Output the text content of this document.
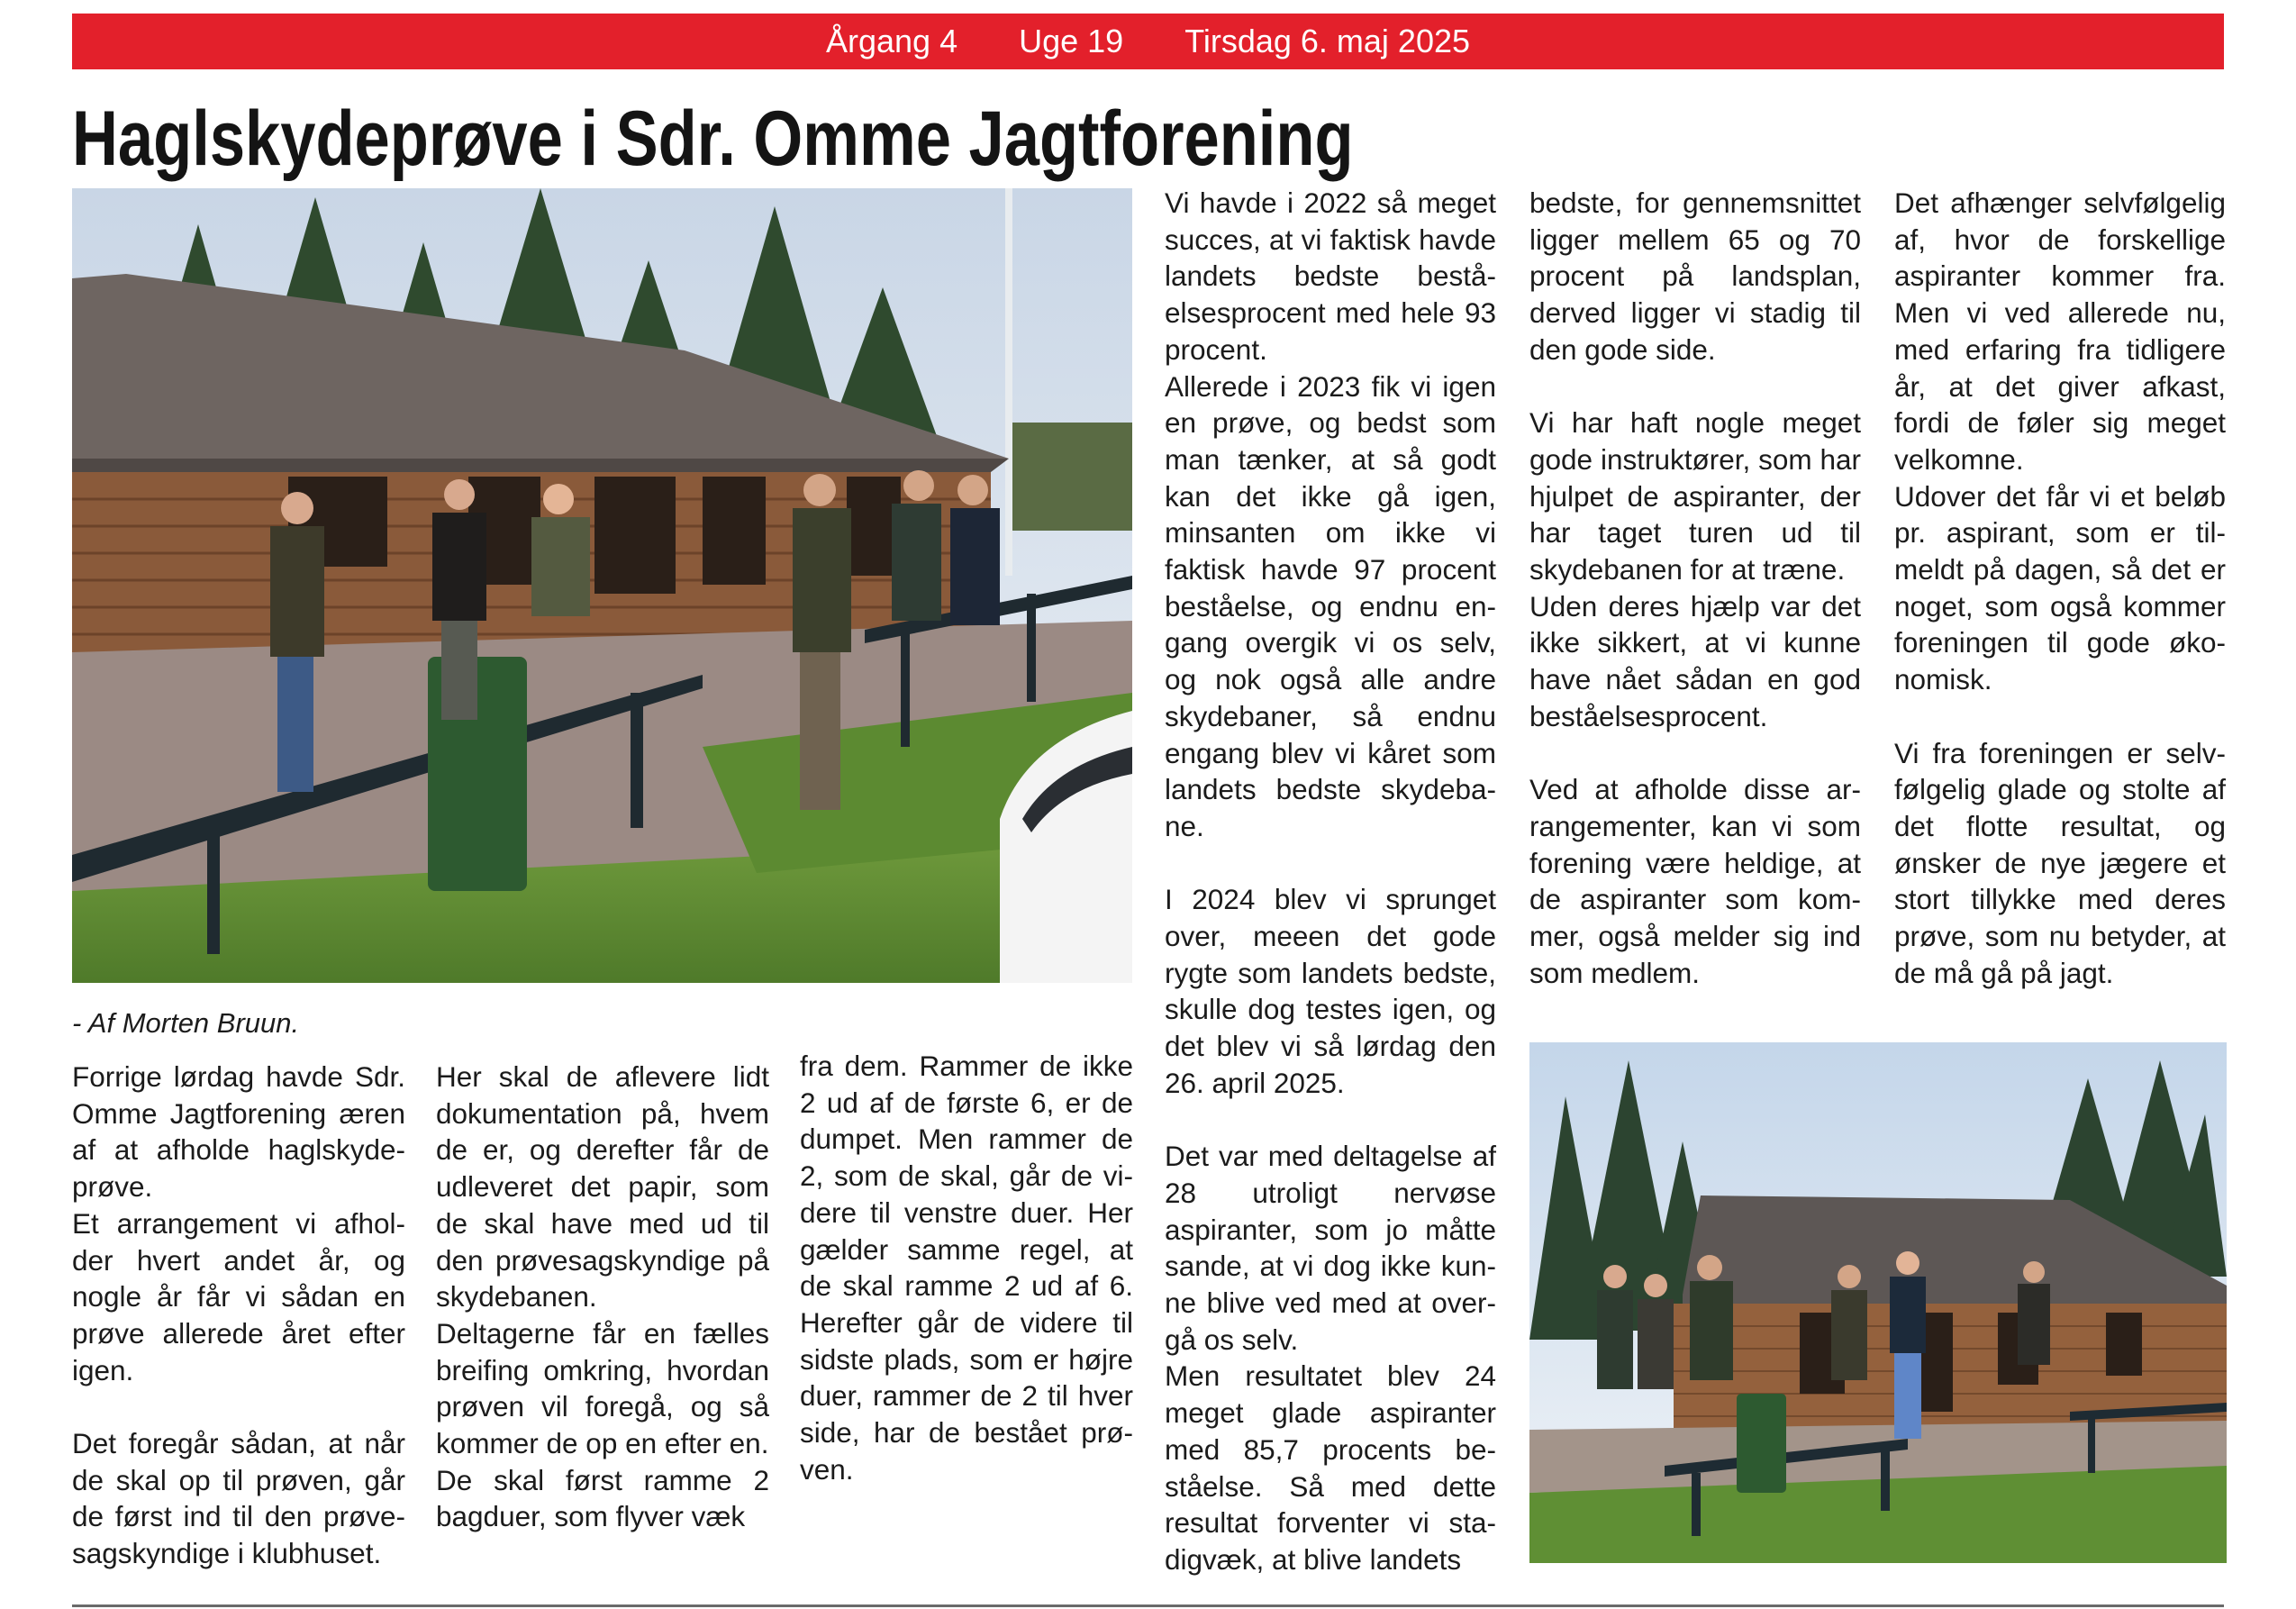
Årgang 4 Uge 19 Tirsdag 6. maj 2025
Haglskydeprøve i Sdr. Omme Jagtforening
- Af Morten Bruun.

Forrige lørdag havde Sdr. Omme Jagtforening æren af at afholde haglskydeprøve.

Et arrangement vi afholder hvert andet år, og nogle år får vi sådan en prøve allerede året efter igen.

Det foregår sådan, at når de skal op til prøven, går de først ind til den prøvesagskyndige i klubhuset.

Her skal de aflevere lidt dokumentation på, hvem de er, og derefter får de udleveret det papir, som de skal have med ud til den prøvesagskyndige på skydebanen.

Deltagerne får en fælles breifing omkring, hvordan prøven vil foregå, og så kommer de op en efter en.

De skal først ramme 2 bagduer, som flyver væk

fra dem. Rammer de ikke 2 ud af de første 6, er de dumpet. Men rammer de 2, som de skal, går de videre til venstre duer. Her gælder samme regel, at de skal ramme 2 ud af 6. Herefter går de videre til sidste plads, som er højre duer, rammer de 2 til hver side, har de bestået prøven.

Vi havde i 2022 så meget succes, at vi faktisk havde landets bedste beståelsesprocent med hele 93 procent.

Allerede i 2023 fik vi igen en prøve, og bedst som man tænker, at så godt kan det ikke gå igen, minsanten om ikke vi faktisk havde 97 procent beståelse, og endnu engang overgik vi os selv, og nok også alle andre skydebaner, så endnu engang blev vi kåret som landets bedste skydebane.

I 2024 blev vi sprunget over, meeen det gode rygte som landets bedste, skulle dog testes igen, og det blev vi så lørdag den 26. april 2025.

Det var med deltagelse af 28 utroligt nervøse aspiranter, som jo måtte sande, at vi dog ikke kunne blive ved med at overgå os selv.

Men resultatet blev 24 meget glade aspiranter med 85,7 procents beståelse. Så med dette resultat forventer vi stadigvæk, at blive landets

bedste, for gennemsnittet ligger mellem 65 og 70 procent på landsplan, derved ligger vi stadig til den gode side.

Vi har haft nogle meget gode instruktører, som har hjulpet de aspiranter, der har taget turen ud til skydebanen for at træne.

Uden deres hjælp var det ikke sikkert, at vi kunne have nået sådan en god beståelsesprocent.

Ved at afholde disse arrangementer, kan vi som forening være heldige, at de aspiranter som kommer, også melder sig ind som medlem.

Det afhænger selvfølgelig af, hvor de forskellige aspiranter kommer fra. Men vi ved allerede nu, med erfaring fra tidligere år, at det giver afkast, fordi de føler sig meget velkomne.

Udover det får vi et beløb pr. aspirant, som er tilmeldt på dagen, så det er noget, som også kommer foreningen til gode økonomisk.

Vi fra foreningen er selvfølgelig glade og stolte af det flotte resultat, og ønsker de nye jægere et stort tillykke med deres prøve, som nu betyder, at de må gå på jagt.
